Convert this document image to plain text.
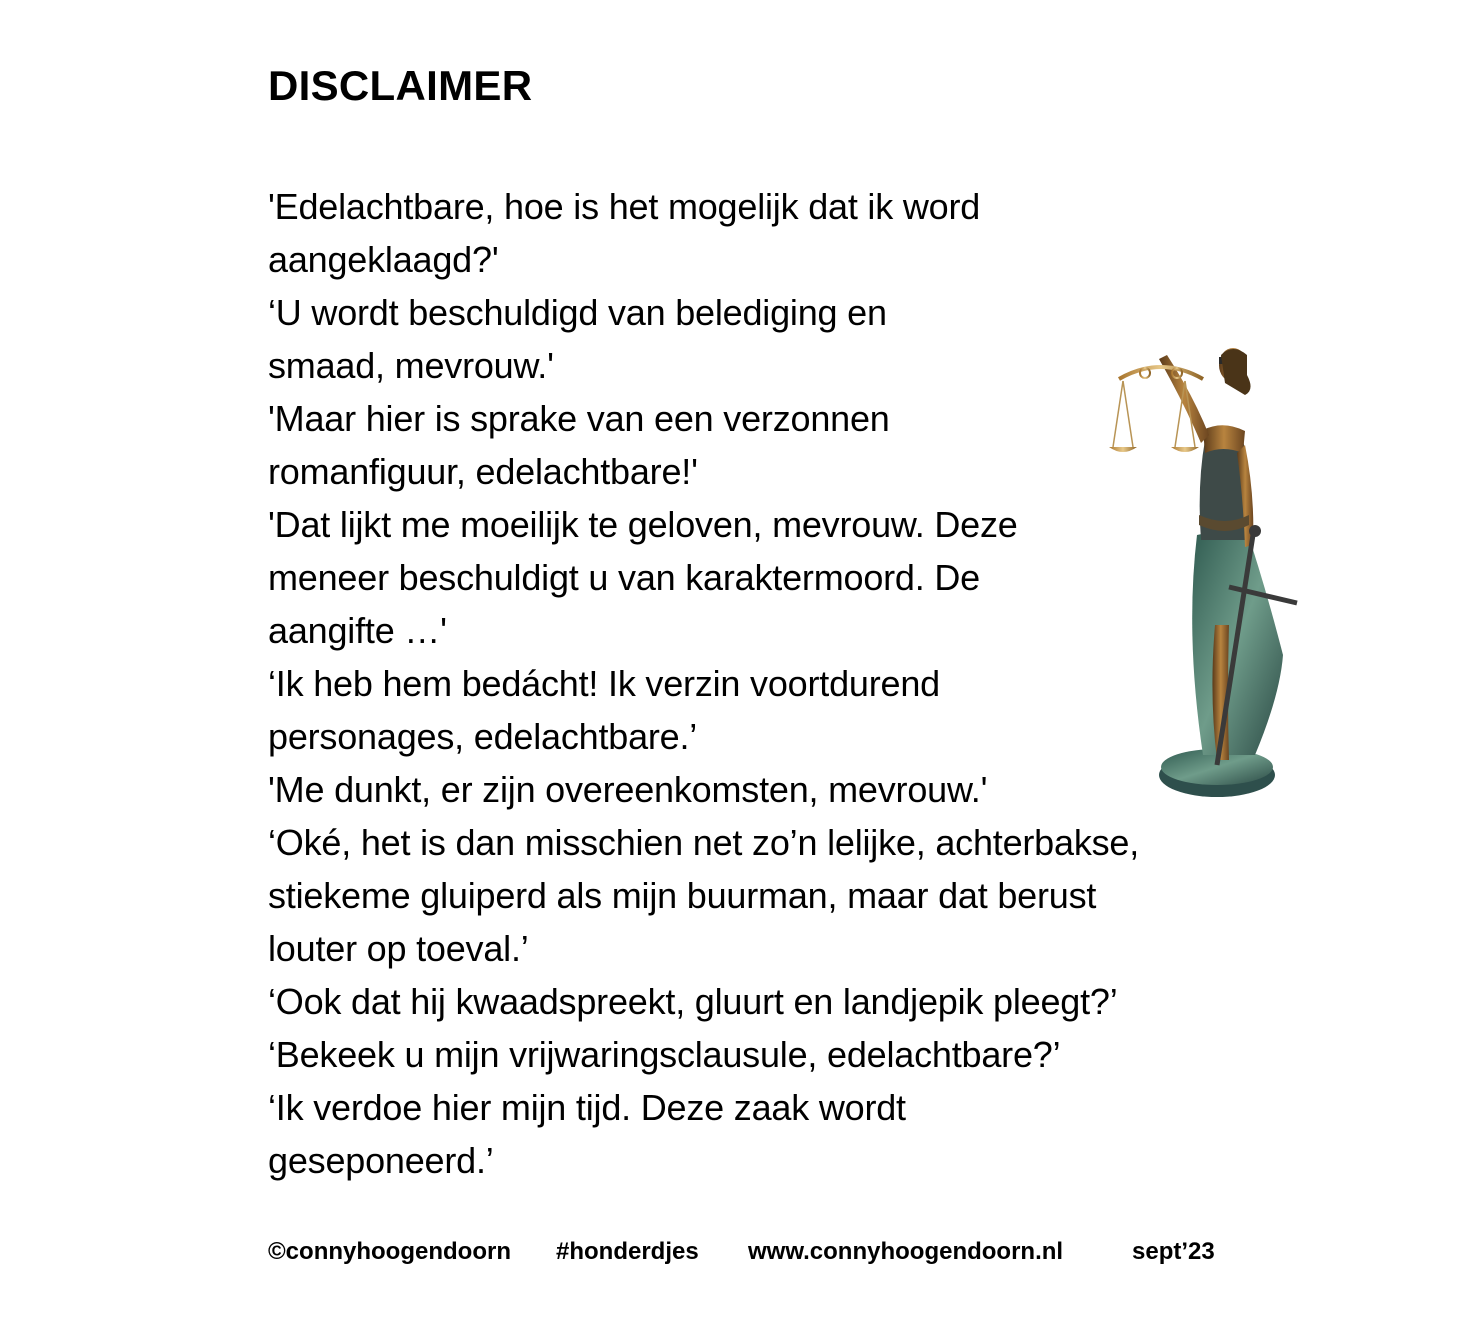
DISCLAIMER
'Edelachtbare, hoe is het mogelijk dat ik word
aangeklaagd?'
‘U wordt beschuldigd van belediging en
smaad, mevrouw.'
'Maar hier is sprake van een verzonnen
romanfiguur, edelachtbare!'
'Dat lijkt me moeilijk te geloven, mevrouw. Deze
meneer beschuldigt u van karaktermoord. De
aangifte …'
‘Ik heb hem bedácht! Ik verzin voortdurend
personages, edelachtbare.’
'Me dunkt, er zijn overeenkomsten, mevrouw.'
‘Oké, het is dan misschien net zo’n lelijke, achterbakse,
stiekeme gluiperd als mijn buurman, maar dat berust
louter op toeval.’
‘Ook dat hij kwaadspreekt, gluurt en landjepik pleegt?’
‘Bekeek u mijn vrijwaringsclausule, edelachtbare?’
‘Ik verdoe hier mijn tijd. Deze zaak wordt
geseponeerd.’
©connyhoogendoorn #honderdjes www.connyhoogendoorn.nl	sept’23
